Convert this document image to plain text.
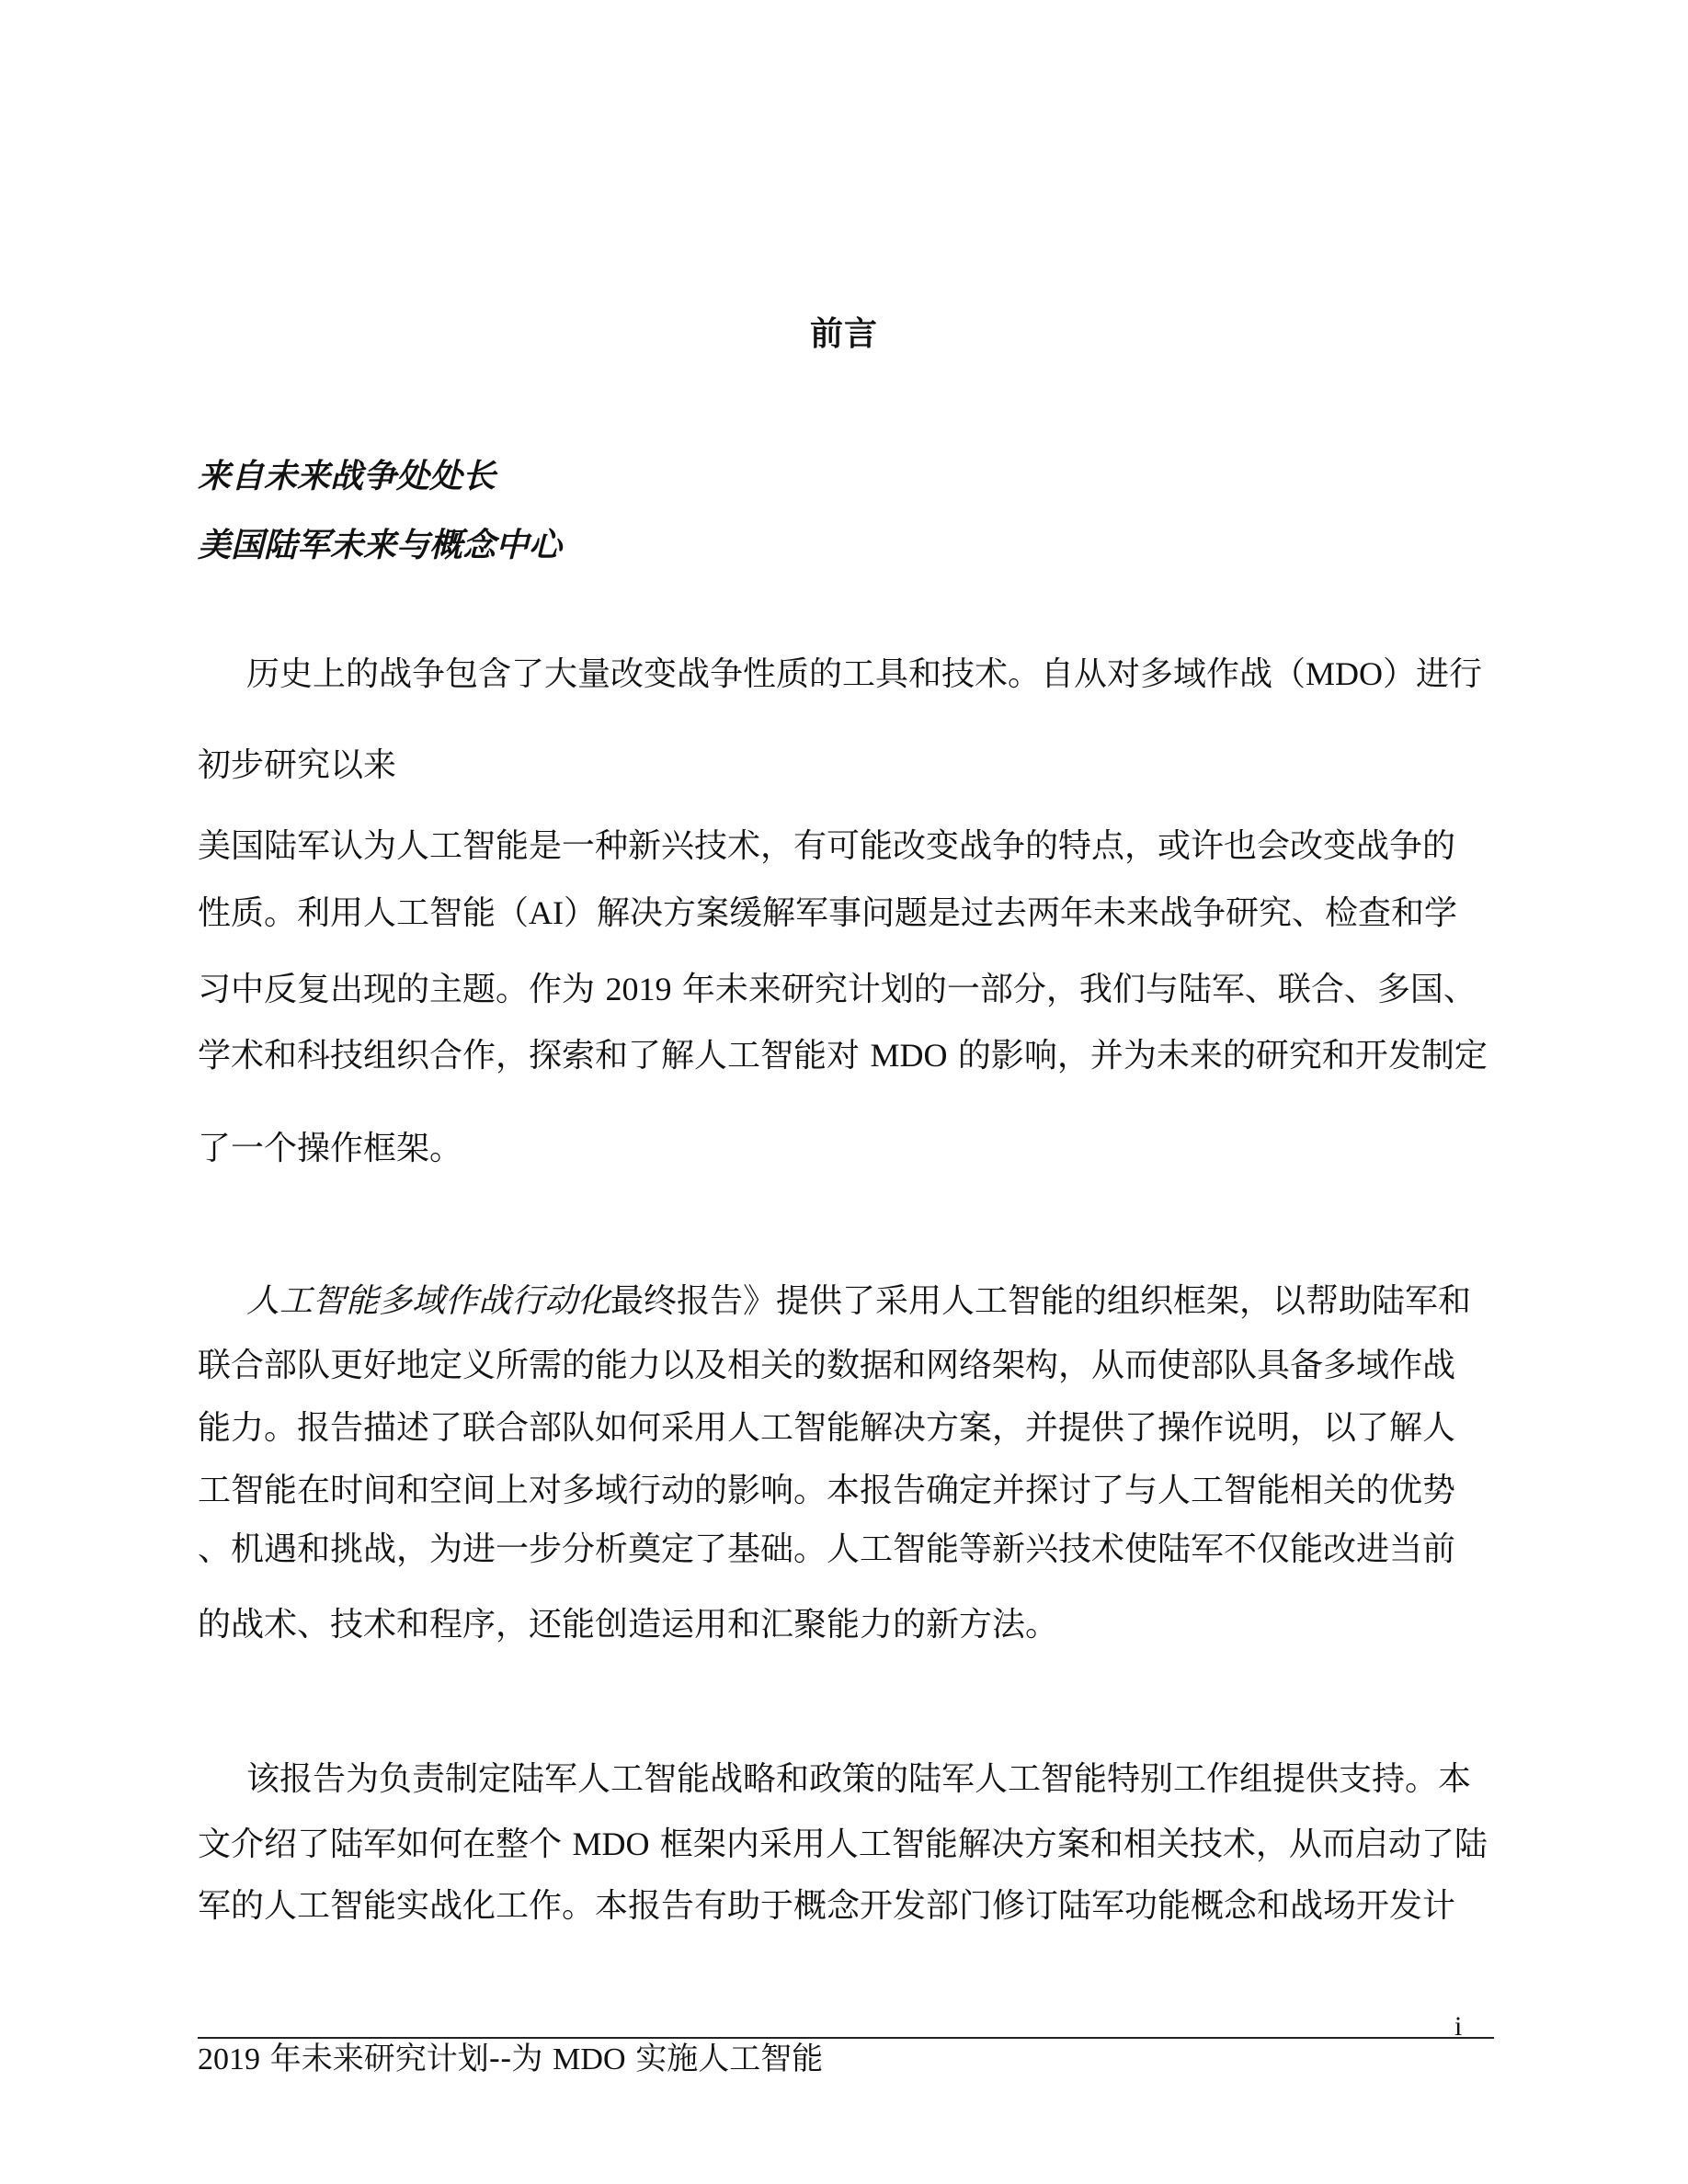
前言
来自未来战争处处长
美国陆军未来与概念中心
历史上的战争包含了大量改变战争性质的工具和技术。自从对多域作战（MDO）进行
初步研究以来
美国陆军认为人工智能是一种新兴技术，有可能改变战争的特点，或许也会改变战争的
性质。利用人工智能（AI）解决方案缓解军事问题是过去两年未来战争研究、检查和学
习中反复出现的主题。作为 2019 年未来研究计划的一部分，我们与陆军、联合、多国、
学术和科技组织合作，探索和了解人工智能对 MDO 的影响，并为未来的研究和开发制定
了一个操作框架。
人工智能多域作战行动化最终报告》提供了采用人工智能的组织框架，以帮助陆军和
联合部队更好地定义所需的能力以及相关的数据和网络架构，从而使部队具备多域作战
能力。报告描述了联合部队如何采用人工智能解决方案，并提供了操作说明，以了解人
工智能在时间和空间上对多域行动的影响。本报告确定并探讨了与人工智能相关的优势
、机遇和挑战，为进一步分析奠定了基础。人工智能等新兴技术使陆军不仅能改进当前
的战术、技术和程序，还能创造运用和汇聚能力的新方法。
该报告为负责制定陆军人工智能战略和政策的陆军人工智能特别工作组提供支持。本
文介绍了陆军如何在整个 MDO 框架内采用人工智能解决方案和相关技术，从而启动了陆
军的人工智能实战化工作。本报告有助于概念开发部门修订陆军功能概念和战场开发计
i
2019 年未来研究计划--为 MDO 实施人工智能
